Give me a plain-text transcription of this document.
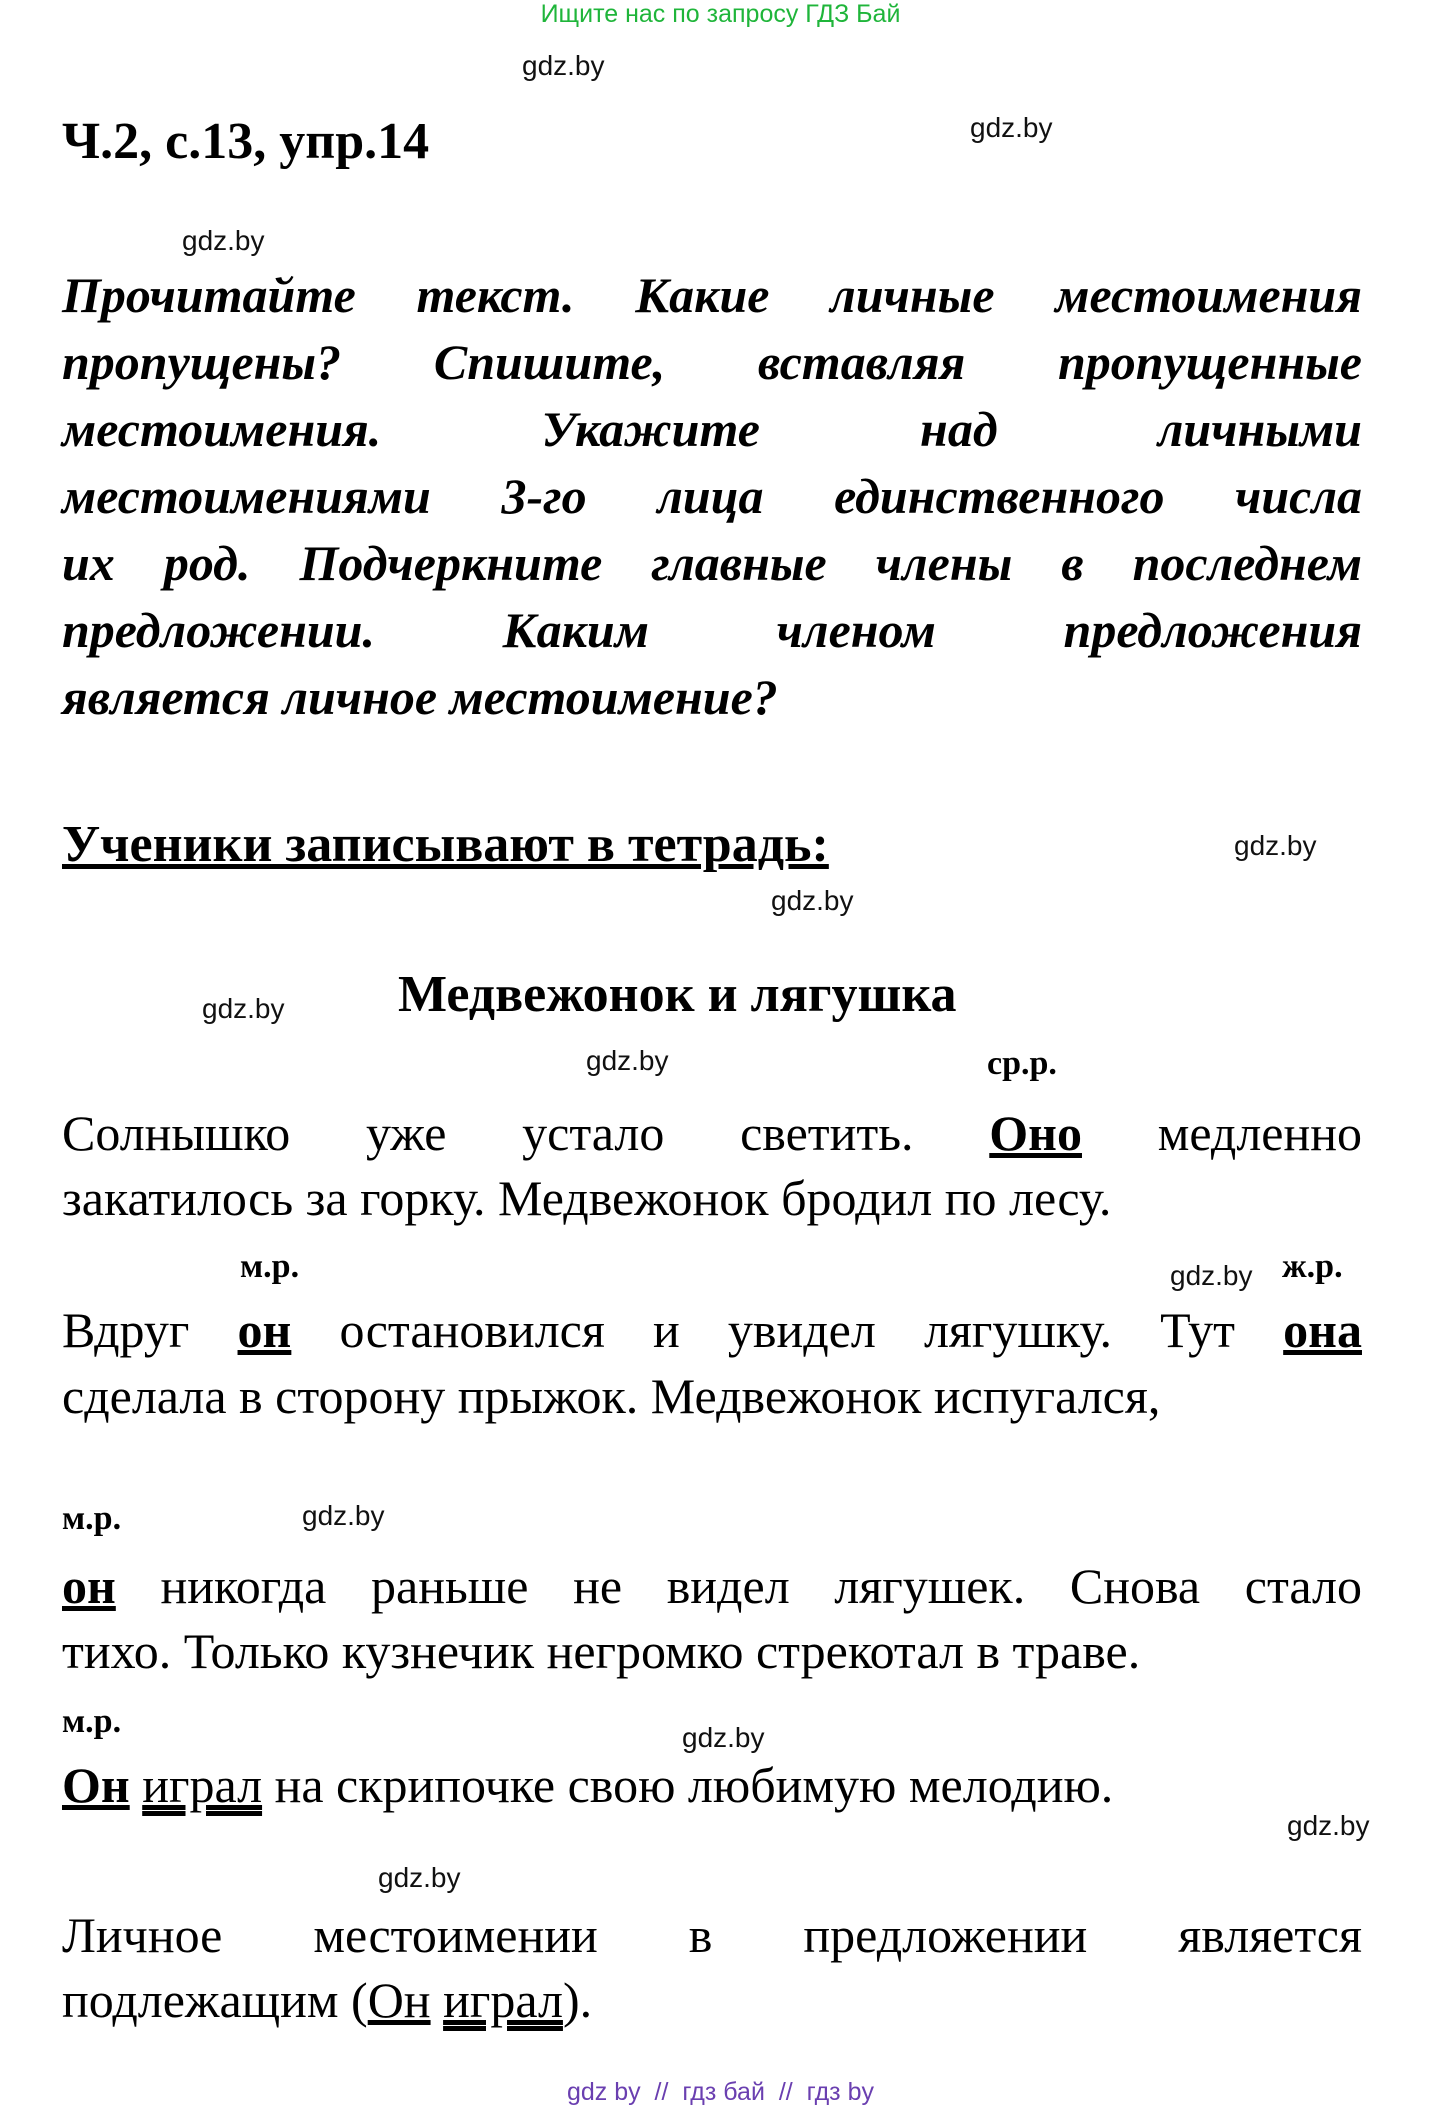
Ищите нас по запросу ГДЗ Бай
gdz.by
gdz.by
gdz.by
gdz.by
gdz.by
gdz.by
gdz.by
gdz.by
gdz.by
gdz.by
gdz.by
gdz.by
Ч.2, с.13, упр.14
Прочитайте текст. Какие личные местоимения
пропущены? Спишите, вставляя пропущенные
местоимения. Укажите над личными
местоимениями 3-го лица единственного числа
их род. Подчеркните главные члены в последнем
предложении. Каким членом предложения
является личное местоимение?
Ученики записывают в тетрадь:
Медвежонок и лягушка
ср.р.
м.р.	ж.р.
м.р.
м.р.
Солнышко уже устало светить. Оно медленно
закатилось за горку. Медвежонок бродил по лесу.
Вдруг он остановился и увидел лягушку. Тут она
сделала в сторону прыжок. Медвежонок испугался,
он никогда раньше не видел лягушек. Снова стало
тихо. Только кузнечик негромко стрекотал в траве.
Он играл на скрипочке свою любимую мелодию.
Личное местоимении в предложении является
подлежащим (Он играл).
gdz by  //  гдз бай  //  гдз by
